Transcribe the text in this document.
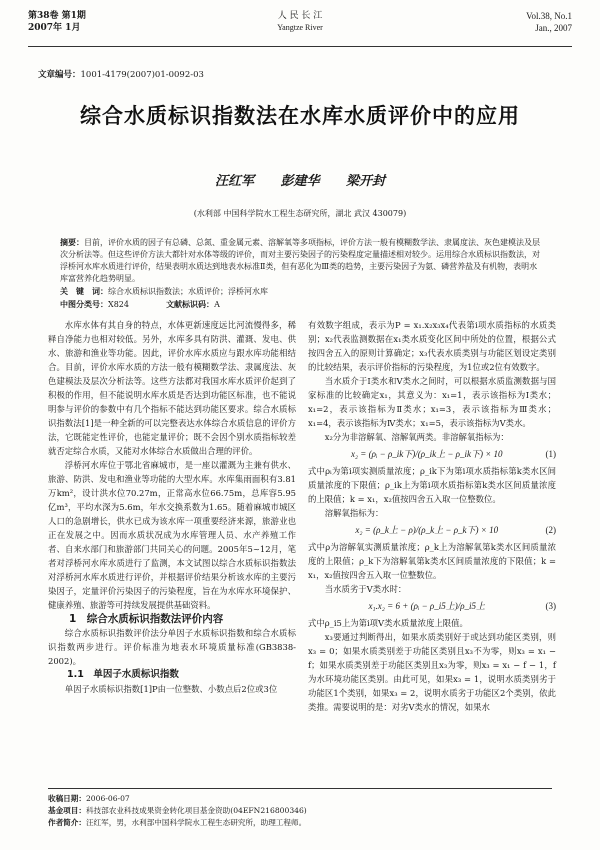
第38卷 第1期
2007年 1月
人 民 长 江
Yangtze River
Vol.38, No.1
Jan., 2007
文章编号：1001-4179(2007)01-0092-03
综合水质标识指数法在水库水质评价中的应用
汪红军 彭建华 梁开封
(水利部 中国科学院水工程生态研究所，湖北 武汉 430079)

摘要：目前，评价水质的因子有总磷、总氮、重金属元素、溶解氧等多项指标，评价方法一般有模糊数学法、隶属度法、灰色建模法及层次分析法等。但这些评价方法大都针对水体等级的评价，而对主要污染因子的污染程度定量描述相对较少。运用综合水质标识指数法，对浮桥河水库水质进行评价，结果表明水质达到地表水标准Ⅱ类，但有恶化为Ⅲ类的趋势，主要污染因子为氨、磷营养盐及有机物，表明水库富营养化趋势明显。

关　键　词：综合水质标识指数法；水质评价；浮桥河水库

中图分类号：X824     	文献标识码：A

水库水体有其自身的特点，水体更新速度远比河流慢得多，稀释自净能力也相对较低。另外，水库多具有防洪、灌溉、发电、供水、旅游和渔业等功能。因此，评价水库水质应与跟水库功能相结合。目前，评价水库水质的方法一般有模糊数学法、隶属度法、灰色建模法及层次分析法等。这些方法都对我国水库水质评价起到了积极的作用，但不能说明水库水质是否达到功能区标准，也不能说明参与评价的参数中有几个指标不能达到功能区要求。综合水质标识指数法[1]是一种全新的可以完整表达水体综合水质信息的评价方法，它既能定性评价，也能定量评价；既不会因个别水质指标较差就否定综合水质，又能对水体综合水质做出合理的评价。

浮桥河水库位于鄂北省麻城市，是一座以灌溉为主兼有供水、旅游、防洪、发电和渔业等功能的大型水库。水库集雨面积有3.81万km²，设计洪水位70.27m，正常高水位66.75m，总库容5.95亿m³，平均水深为5.6m，年水交换系数为1.65。随着麻城市城区人口的急剧增长，供水已成为该水库一项重要经济来源，旅游业也正在发展之中。因而水质状况成为水库管理人员、水产养殖工作者、自来水部门和旅游部门共同关心的问题。2005年5~12月，笔者对浮桥河水库水质进行了监测，本文试图以综合水质标识指数法对浮桥河水库水质进行评价，并根据评价结果分析该水库的主要污染因子，定量评价污染因子的污染程度，旨在为水库水环境保护、健康养殖、旅游等可持续发展提供基础资料。

1　综合水质标识指数法评价内容

综合水质标识指数评价法分单因子水质标识指数和综合水质标识指数两步进行。评价标准为地表水环境质量标准(GB3838-2002)。

1.1　单因子水质标识指数

单因子水质标识指数[1]P由一位整数、小数点后2位或3位

有效数字组成，表示为P = x₁.x₂x₃x₄代表第i项水质指标的水质类别；x₂代表监测数据在x₁类水质变化区间中所处的位置，根据公式按四舍五入的原则计算确定；x₃代表水质类别与功能区划设定类别的比较结果，表示评价指标的污染程度，为1位或2位有效数字。

当水质介于Ⅰ类水和Ⅴ类水之间时，可以根据水质监测数据与国家标准的比较确定x₁，其意义为：x₁=1，表示该指标为Ⅰ类水；x₁=2，表示该指标为Ⅱ类水；x₁=3，表示该指标为Ⅲ类水；x₁=4，表示该指标为Ⅳ类水；x₁=5，表示该指标为Ⅴ类水。

x₂分为非溶解氧、溶解氧两类。非溶解氧指标为：

x₂ = (ρᵢ − ρ_ik下)/(ρ_ik上 − ρ_ik下) × 10	(1)

式中ρᵢ为第i项实测质量浓度；ρ_ik下为第i项水质指标第k类水区间质量浓度的下限值；ρ_ik上为第i项水质指标第k类水区间质量浓度的上限值；k = x₁，x₂值按四舍五入取一位整数位。

溶解氧指标为：

x₂ = (ρ_k上 − ρ)/(ρ_k上 − ρ_k下) × 10	(2)

式中ρ为溶解氧实测质量浓度；ρ_k上为溶解氧第k类水区间质量浓度的上限值；ρ_k下为溶解氧第k类水区间质量浓度的下限值；k = x₁，x₂值按四舍五入取一位整数位。

当水质劣于Ⅴ类水时：

x₁.x₂ = 6 + (ρᵢ − ρ_i5上)/ρ_i5上	(3)

式中ρ_i5上为第i项Ⅴ类水质量浓度上限值。

x₃要通过判断得出，如果水质类别好于或达到功能区类别，则x₃ = 0；如果水质类别差于功能区类别且x₃不为零，则x₃ = x₁ − f；如果水质类别差于功能区类别且x₃为零，则x₃ = x₁ − f − 1，f为水环境功能区类别。由此可见，如果x₃ = 1，说明水质类别劣于功能区1个类别，如果x₃ = 2，说明水质劣于功能区2个类别，依此类推。需要说明的是：对劣Ⅴ类水的情况，如果水

收稿日期：2006-06-07
基金项目：科技部农业科技成果资金转化项目基金资助(04EFN216800346)
作者简介：汪红军，男，水利部中国科学院水工程生态研究所，助理工程师。
